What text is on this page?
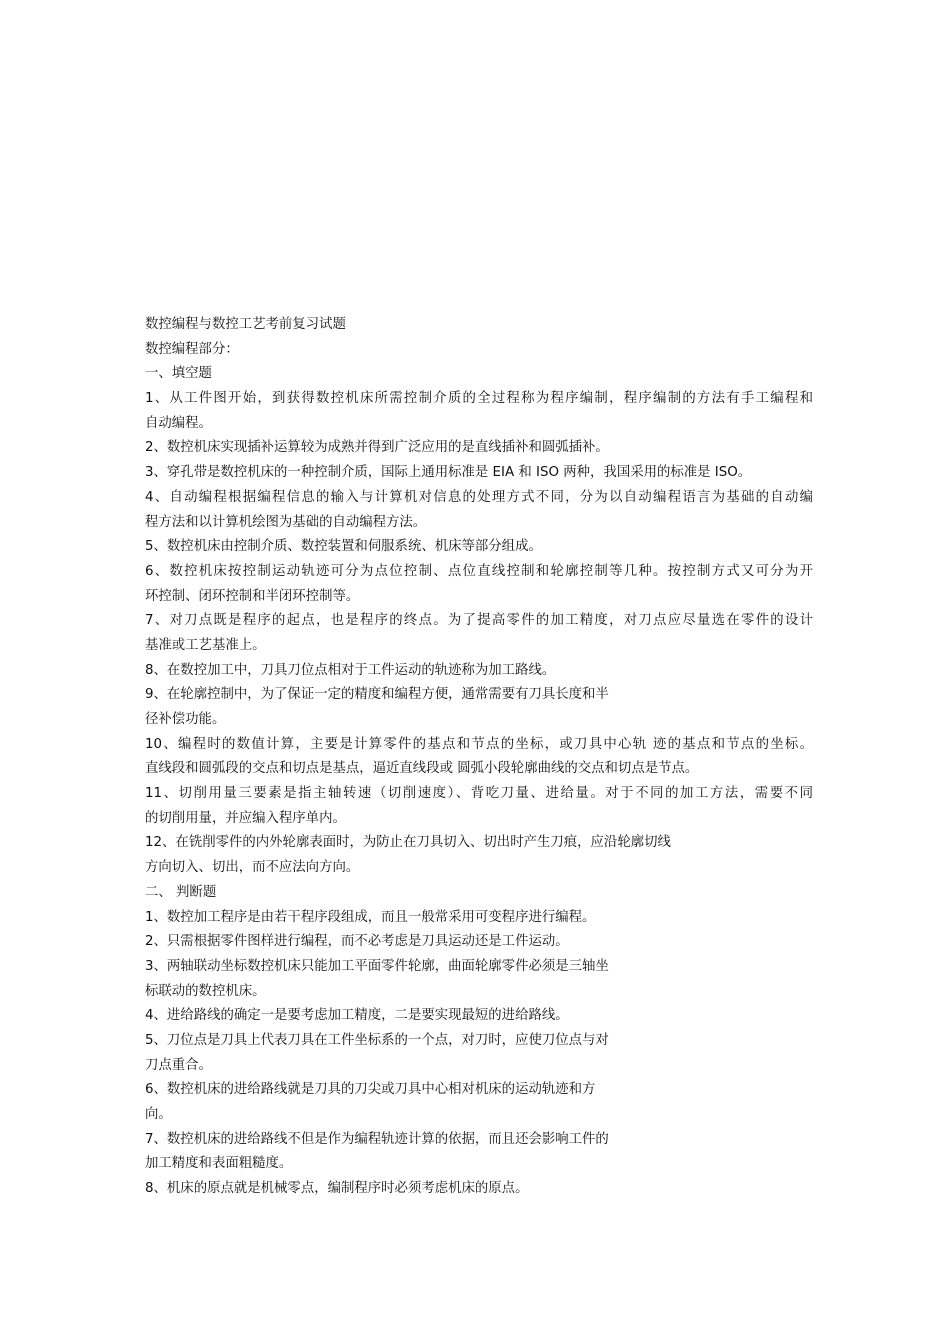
数控编程与数控工艺考前复习试题
数控编程部分：
一、填空题
1、从工件图开始，到获得数控机床所需控制介质的全过程称为程序编制，程序编制的方法有手工编程和
自动编程。
2、数控机床实现插补运算较为成熟并得到广泛应用的是直线插补和圆弧插补。
3、穿孔带是数控机床的一种控制介质，国际上通用标准是 EIA 和 ISO 两种，我国采用的标准是 ISO。
4、自动编程根据编程信息的输入与计算机对信息的处理方式不同，分为以自动编程语言为基础的自动编
程方法和以计算机绘图为基础的自动编程方法。
5、数控机床由控制介质、数控装置和伺服系统、机床等部分组成。
6、数控机床按控制运动轨迹可分为点位控制、点位直线控制和轮廓控制等几种。按控制方式又可分为开
环控制、闭环控制和半闭环控制等。
7、对刀点既是程序的起点，也是程序的终点。为了提高零件的加工精度，对刀点应尽量选在零件的设计
基准或工艺基准上。
8、在数控加工中，刀具刀位点相对于工件运动的轨迹称为加工路线。
9、在轮廓控制中，为了保证一定的精度和编程方便，通常需要有刀具长度和半
径补偿功能。
10、编程时的数值计算，主要是计算零件的基点和节点的坐标，或刀具中心轨 迹的基点和节点的坐标。
直线段和圆弧段的交点和切点是基点，逼近直线段或 圆弧小段轮廓曲线的交点和切点是节点。
11、切削用量三要素是指主轴转速（切削速度）、背吃刀量、进给量。对于不同的加工方法，需要不同
的切削用量，并应编入程序单内。
12、在铣削零件的内外轮廓表面时，为防止在刀具切入、切出时产生刀痕，应沿轮廓切线
方向切入、切出，而不应法向方向。
二、 判断题
1、数控加工程序是由若干程序段组成，而且一般常采用可变程序进行编程。
2、只需根据零件图样进行编程，而不必考虑是刀具运动还是工件运动。
3、两轴联动坐标数控机床只能加工平面零件轮廓，曲面轮廓零件必须是三轴坐
标联动的数控机床。
4、进给路线的确定一是要考虑加工精度，二是要实现最短的进给路线。
5、刀位点是刀具上代表刀具在工件坐标系的一个点，对刀时，应使刀位点与对
刀点重合。
6、数控机床的进给路线就是刀具的刀尖或刀具中心相对机床的运动轨迹和方
向。
7、数控机床的进给路线不但是作为编程轨迹计算的依据，而且还会影响工件的
加工精度和表面粗糙度。
8、机床的原点就是机械零点，编制程序时必须考虑机床的原点。
